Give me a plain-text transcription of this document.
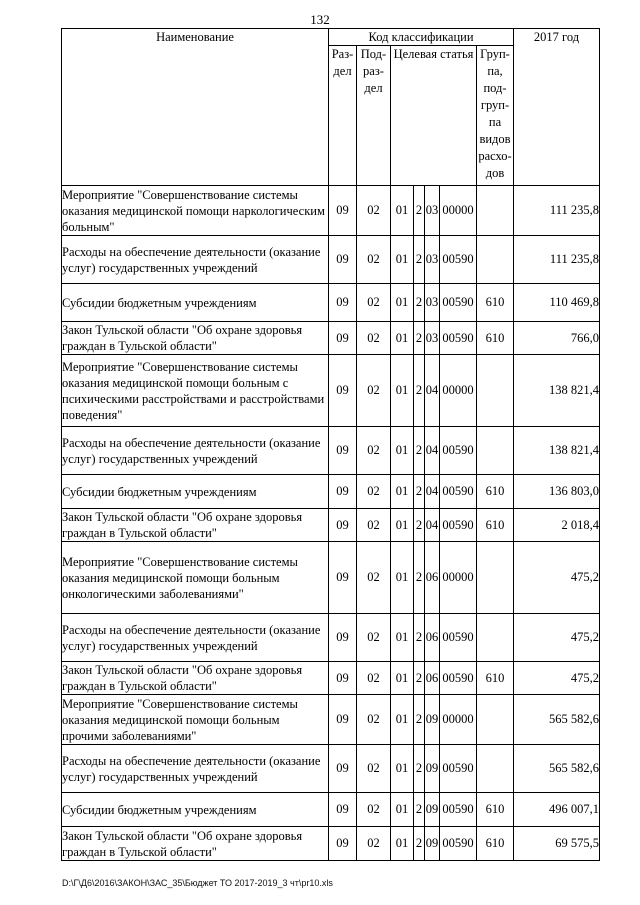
132
Наименование	Код классификации							2017 год
	Раз- дел	Под- раз- дел	Целевая статья				Груп- па, под- груп- па видов расхо- дов	
Мероприятие "Совершенствование системы оказания медицинской помощи наркологическим больным"	09	02	01	2	03	00000		111 235,8
Расходы на обеспечение деятельности (оказание услуг) государственных учреждений	09	02	01	2	03	00590		111 235,8
Субсидии бюджетным учреждениям	09	02	01	2	03	00590	610	110 469,8
Закон Тульской области "Об охране здоровья граждан в Тульской области"	09	02	01	2	03	00590	610	766,0
Мероприятие "Совершенствование системы оказания медицинской помощи больным с психическими расстройствами и расстройствами поведения"	09	02	01	2	04	00000		138 821,4
Расходы на обеспечение деятельности (оказание услуг) государственных учреждений	09	02	01	2	04	00590		138 821,4
Субсидии бюджетным учреждениям	09	02	01	2	04	00590	610	136 803,0
Закон Тульской области "Об охране здоровья граждан в Тульской области"	09	02	01	2	04	00590	610	2 018,4
Мероприятие "Совершенствование системы оказания медицинской помощи больным онкологическими заболеваниями"	09	02	01	2	06	00000		475,2
Расходы на обеспечение деятельности (оказание услуг) государственных учреждений	09	02	01	2	06	00590		475,2
Закон Тульской области "Об охране здоровья граждан в Тульской области"	09	02	01	2	06	00590	610	475,2
Мероприятие "Совершенствование системы оказания медицинской помощи больным прочими заболеваниями"	09	02	01	2	09	00000		565 582,6
Расходы на обеспечение деятельности (оказание услуг) государственных учреждений	09	02	01	2	09	00590		565 582,6
Субсидии бюджетным учреждениям	09	02	01	2	09	00590	610	496 007,1
Закон Тульской области "Об охране здоровья граждан в Тульской области"	09	02	01	2	09	00590	610	69 575,5
D:\Г\Д6\2016\ЗАКОН\ЗАС_35\Бюджет ТО 2017-2019_3 чт\pr10.xls
